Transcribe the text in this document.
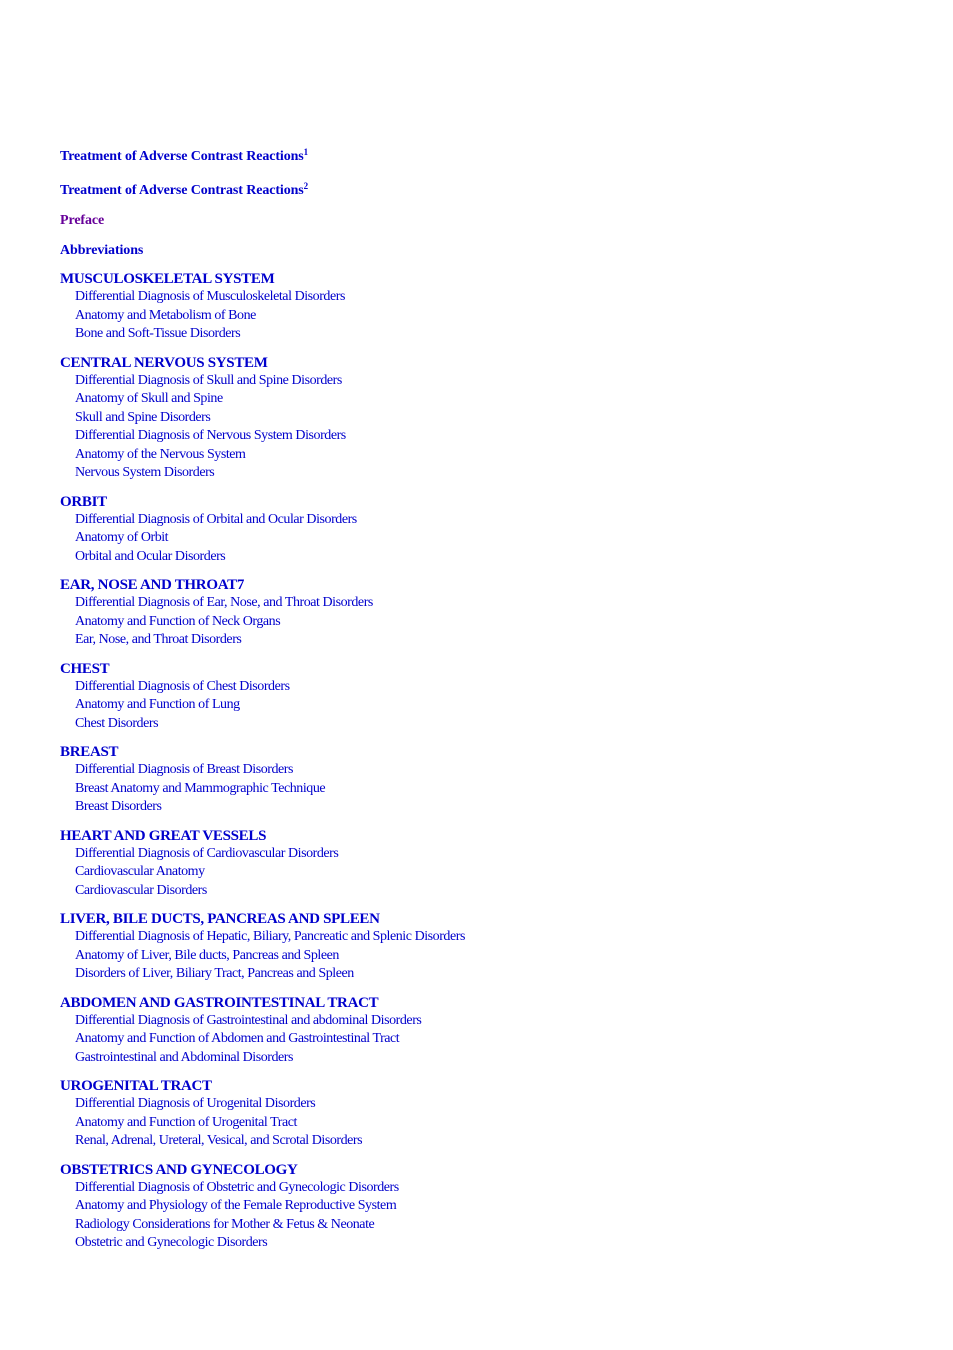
Treatment of Adverse Contrast Reactions$^1$
Treatment of Adverse Contrast Reactions$^2$
Preface
Abbreviations
MUSCULOSKELETAL SYSTEM
Differential Diagnosis of Musculoskeletal Disorders
Anatomy and Metabolism of Bone
Bone and Soft-Tissue Disorders
CENTRAL NERVOUS SYSTEM
Differential Diagnosis of Skull and Spine Disorders
Anatomy of Skull and Spine
Skull and Spine Disorders
Differential Diagnosis of Nervous System Disorders
Anatomy of the Nervous System
Nervous System Disorders
ORBIT
Differential Diagnosis of Orbital and Ocular Disorders
Anatomy of Orbit
Orbital and Ocular Disorders
EAR, NOSE AND THROAT7
Differential Diagnosis of Ear, Nose, and Throat Disorders
Anatomy and Function of Neck Organs
Ear, Nose, and Throat Disorders
CHEST
Differential Diagnosis of Chest Disorders
Anatomy and Function of Lung
Chest Disorders
BREAST
Differential Diagnosis of Breast Disorders
Breast Anatomy and Mammographic Technique
Breast Disorders
HEART AND GREAT VESSELS
Differential Diagnosis of Cardiovascular Disorders
Cardiovascular Anatomy
Cardiovascular Disorders
LIVER, BILE DUCTS, PANCREAS AND SPLEEN
Differential Diagnosis of Hepatic, Biliary, Pancreatic and Splenic Disorders
Anatomy of Liver, Bile ducts, Pancreas and Spleen
Disorders of Liver, Biliary Tract, Pancreas and Spleen
ABDOMEN AND GASTROINTESTINAL TRACT
Differential Diagnosis of Gastrointestinal and abdominal Disorders
Anatomy and Function of Abdomen and Gastrointestinal Tract
Gastrointestinal and Abdominal Disorders
UROGENITAL TRACT
Differential Diagnosis of Urogenital Disorders
Anatomy and Function of Urogenital Tract
Renal, Adrenal, Ureteral, Vesical, and Scrotal Disorders
OBSTETRICS AND GYNECOLOGY
Differential Diagnosis of Obstetric and Gynecologic Disorders
Anatomy and Physiology of the Female Reproductive System
Radiology Considerations for Mother & Fetus & Neonate
Obstetric and Gynecologic Disorders
